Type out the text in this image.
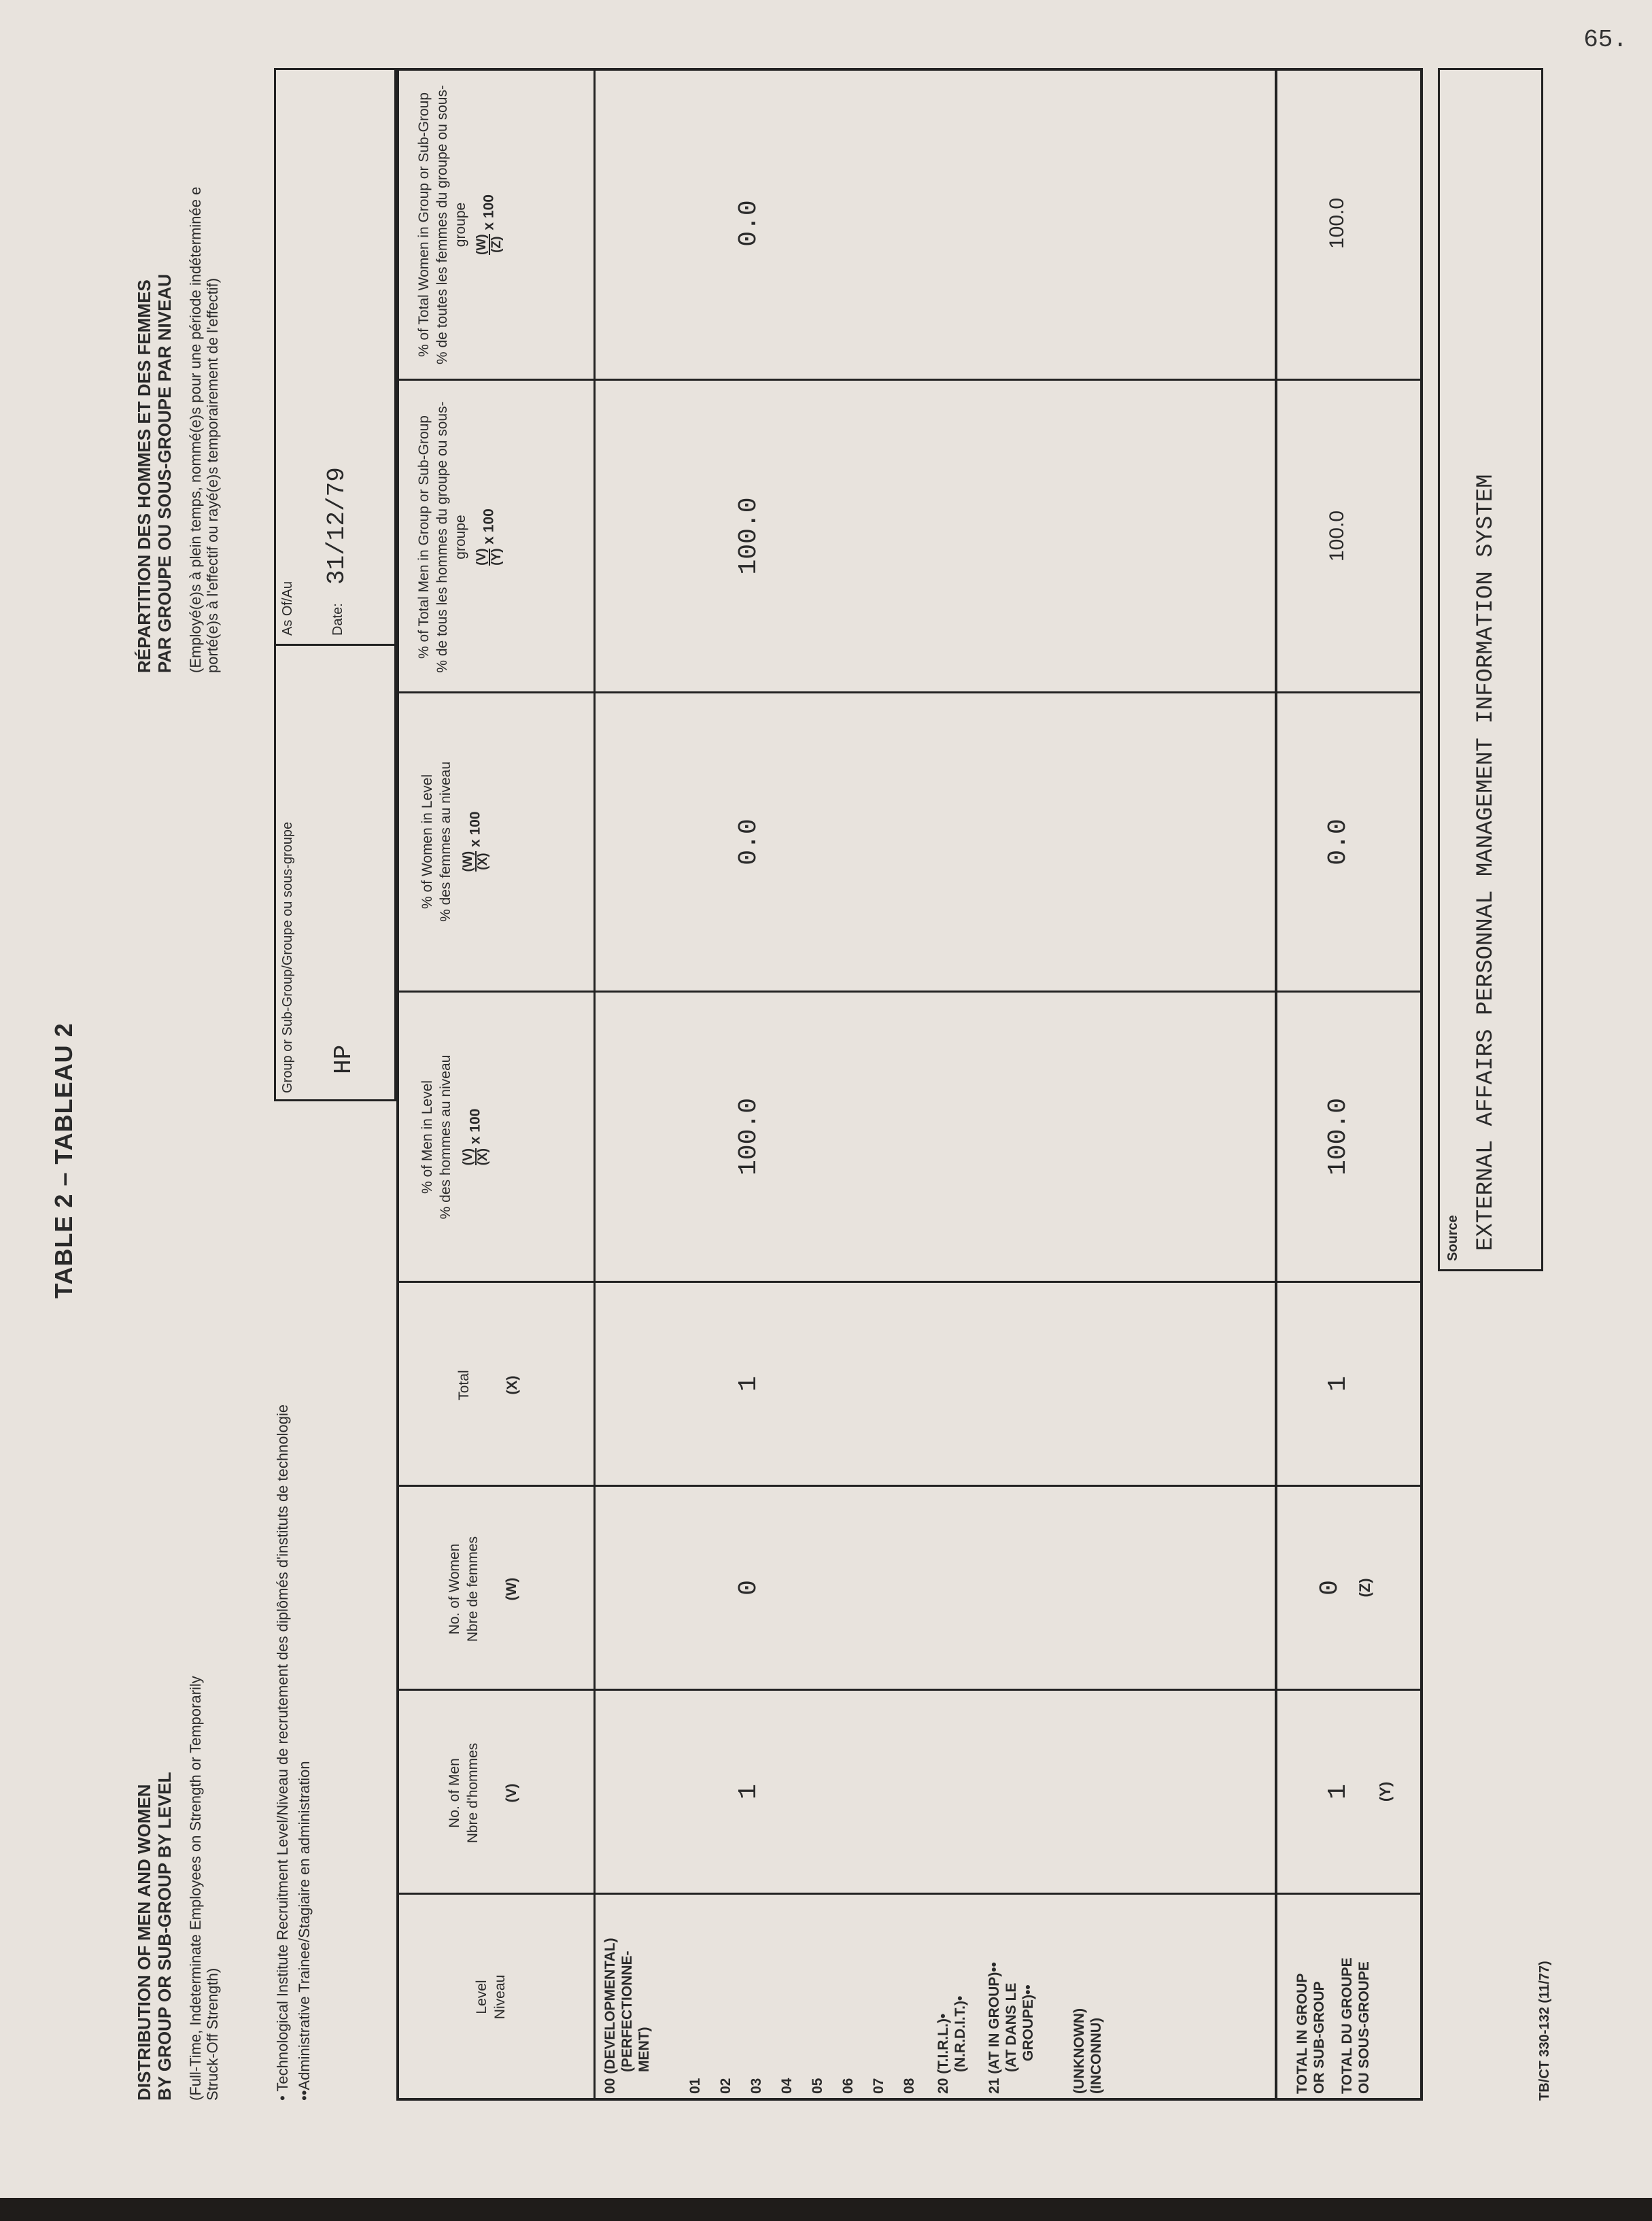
65.
TABLE 2 – TABLEAU 2
DISTRIBUTION OF MEN AND WOMEN BY GROUP OR SUB-GROUP BY LEVEL (Full-Time, Indeterminate Employees on Strength or Temporarily Struck-Off Strength)
RÉPARTITION DES HOMMES ET DES FEMMES PAR GROUPE OU SOUS-GROUPE PAR NIVEAU (Employé(e)s à plein temps, nommé(e)s pour une période indéterminée e porté(e)s à l'effectif ou rayé(e)s temporairement de l'effectif)
• Technological Institute Recruitment Level/Niveau de recrutement des diplômés d'instituts de technologie ••Administrative Trainee/Stagiaire en administration
Group or Sub-Group/Groupe ou sous-groupe HP
As Of/Au	Date:
31/12/79
Level Niveau
No. of Men Nbre d'hommes (V)
No. of Women Nbre de femmes (W)
Total (X)
% of Men in Level % des hommes au niveau (V) (X)
x 100
% of Women in Level % des femmes au niveau (W) (X)
x 100
% of Total Men in Group or Sub-Group % de tous les hommes du groupe ou sous-groupe (V) (Y)
x 100
% of Total Women in Group or Sub-Group % de toutes les femmes du groupe ou sous-groupe (W) (Z)
x 100
00 (DEVELOPMENTAL) (PERFECTIONNE- MENT)
01 02 03 04 05 06 07 08 20 (T.I.R.L.)• (N.R.D.I.T.)• 21 (AT IN GROUP)•• (AT DANS LE GROUPE)•• (UNKNOWN) (INCONNU)
1
0
1
100.0
0.0
100.0
0.0
TOTAL IN GROUP OR SUB-GROUP TOTAL DU GROUPE OU SOUS-GROUPE
1 (Y)
0 (Z)
1
100.0
0.0
100.0
100.0
Source EXTERNAL AFFAIRS PERSONNAL MANAGEMENT INFORMATION SYSTEM
TB/CT 330-132 (11/77)
